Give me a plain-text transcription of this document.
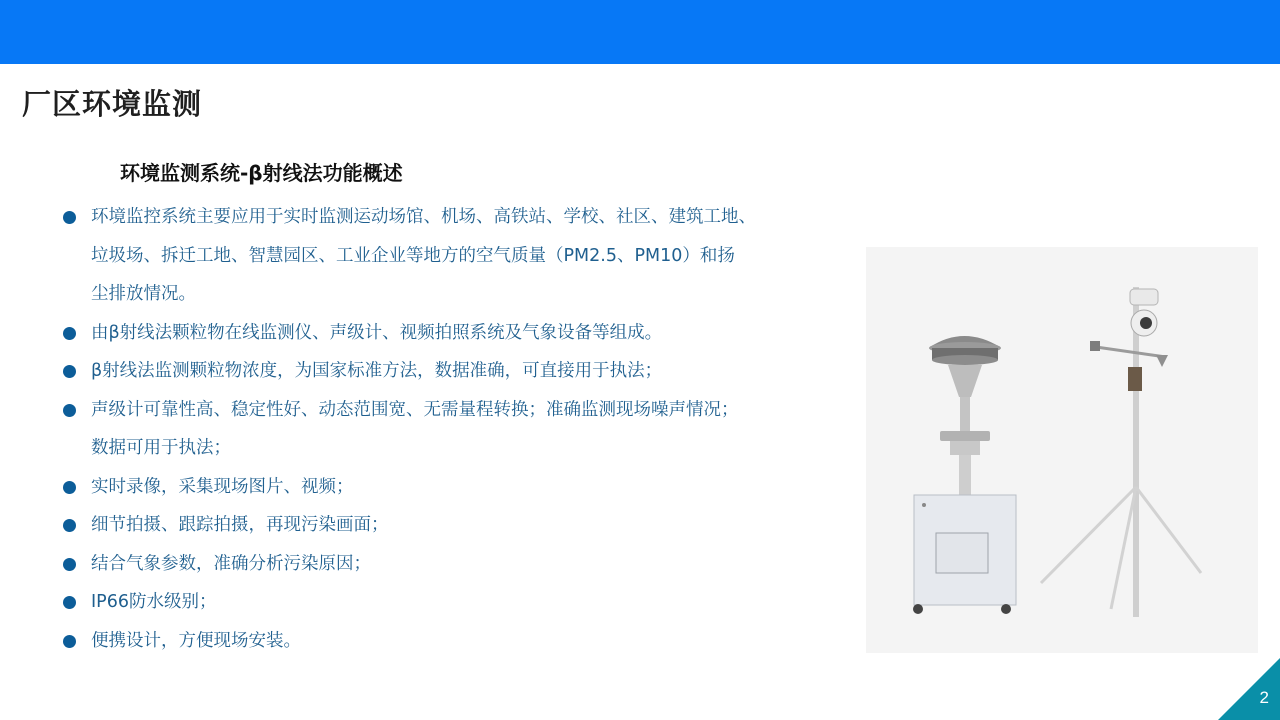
厂区环境监测
环境监测系统-β射线法功能概述
环境监控系统主要应用于实时监测运动场馆、机场、高铁站、学校、社区、建筑工地、
垃圾场、拆迁工地、智慧园区、工业企业等地方的空气质量（PM2.5、PM10）和扬
尘排放情况。
由β射线法颗粒物在线监测仪、声级计、视频拍照系统及气象设备等组成。
β射线法监测颗粒物浓度，为国家标准方法，数据准确，可直接用于执法；
声级计可靠性高、稳定性好、动态范围宽、无需量程转换；准确监测现场噪声情况；
数据可用于执法；
实时录像，采集现场图片、视频；
细节拍摄、跟踪拍摄，再现污染画面；
结合气象参数，准确分析污染原因；
IP66防水级别；
便携设计，方便现场安装。
2
